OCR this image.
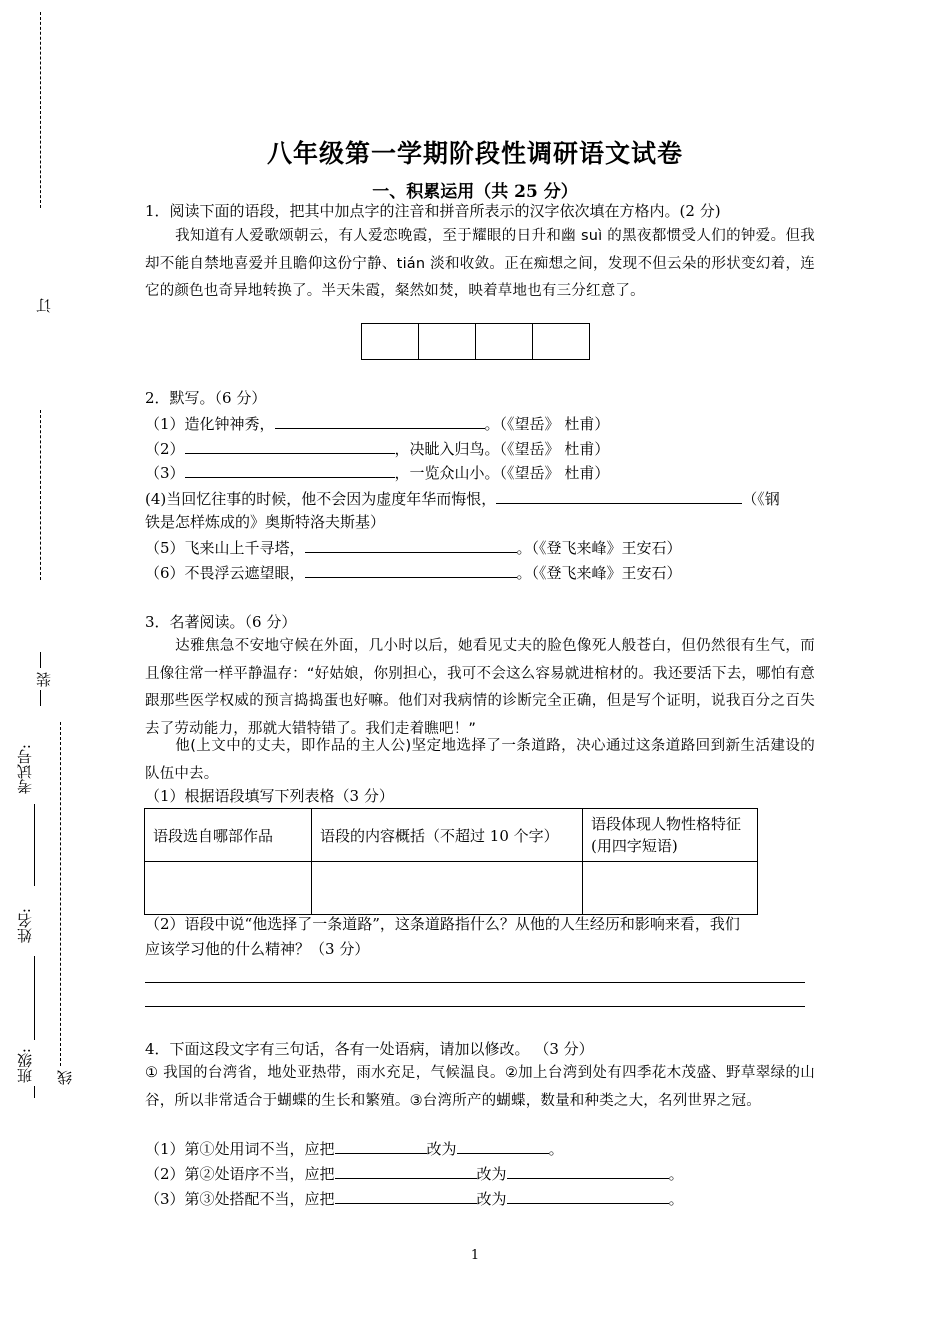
订
装
考试号:
姓名:
班级: 线
八年级第一学期阶段性调研语文试卷
一、积累运用（共 25 分）
1．阅读下面的语段，把其中加点字的注音和拼音所表示的汉字依次填在方格内。(2 分)
我知道有人爱歌颂朝云，有人爱恋晚霞，至于耀眼的日升和幽 suì 的黑夜都惯受人们的钟爱。但我却不能自禁地喜爱并且瞻仰这份宁静、tián 淡和收敛。正在痴想之间，发现不但云朵的形状变幻着，连它的颜色也奇异地转换了。半天朱霞，粲然如焚，映着草地也有三分红意了。
2．默写。（6 分）
（1）造化钟神秀，	。（《望岳》 杜甫）
（2）	，决眦入归鸟。（《望岳》 杜甫）
（3）	，一览众山小。（《望岳》 杜甫）
(4)当回忆往事的时候，他不会因为虚度年华而悔恨，	（《钢
铁是怎样炼成的》奥斯特洛夫斯基）
（5）飞来山上千寻塔，	。（《登飞来峰》王安石）
（6）不畏浮云遮望眼，	。（《登飞来峰》王安石）
3．名著阅读。（6 分）
达雅焦急不安地守候在外面，几小时以后，她看见丈夫的脸色像死人般苍白，但仍然很有生气，而且像往常一样平静温存：“好姑娘，你别担心，我可不会这么容易就进棺材的。我还要活下去，哪怕有意跟那些医学权威的预言捣捣蛋也好嘛。他们对我病情的诊断完全正确，但是写个证明，说我百分之百失去了劳动能力，那就大错特错了。我们走着瞧吧！”
他(上文中的丈夫，即作品的主人公)坚定地选择了一条道路，决心通过这条道路回到新生活建设的队伍中去。
（1）根据语段填写下列表格（3 分）
语段选自哪部作品	语段的内容概括（不超过 10 个字）	语段体现人物性格特征(用四字短语)

（2）语段中说“他选择了一条道路”，这条道路指什么？从他的人生经历和影响来看，我们
应该学习他的什么精神？（3 分）
4．下面这段文字有三句话，各有一处语病，请加以修改。 （3 分）
① 我国的台湾省，地处亚热带，雨水充足，气候温良。②加上台湾到处有四季花木茂盛、野草翠绿的山谷，所以非常适合于蝴蝶的生长和繁殖。③台湾所产的蝴蝶，数量和种类之大，名列世界之冠。
（1）第①处用词不当，应把	改为	。
（2）第②处语序不当，应把	改为	。
（3）第③处搭配不当，应把	改为	。
1
